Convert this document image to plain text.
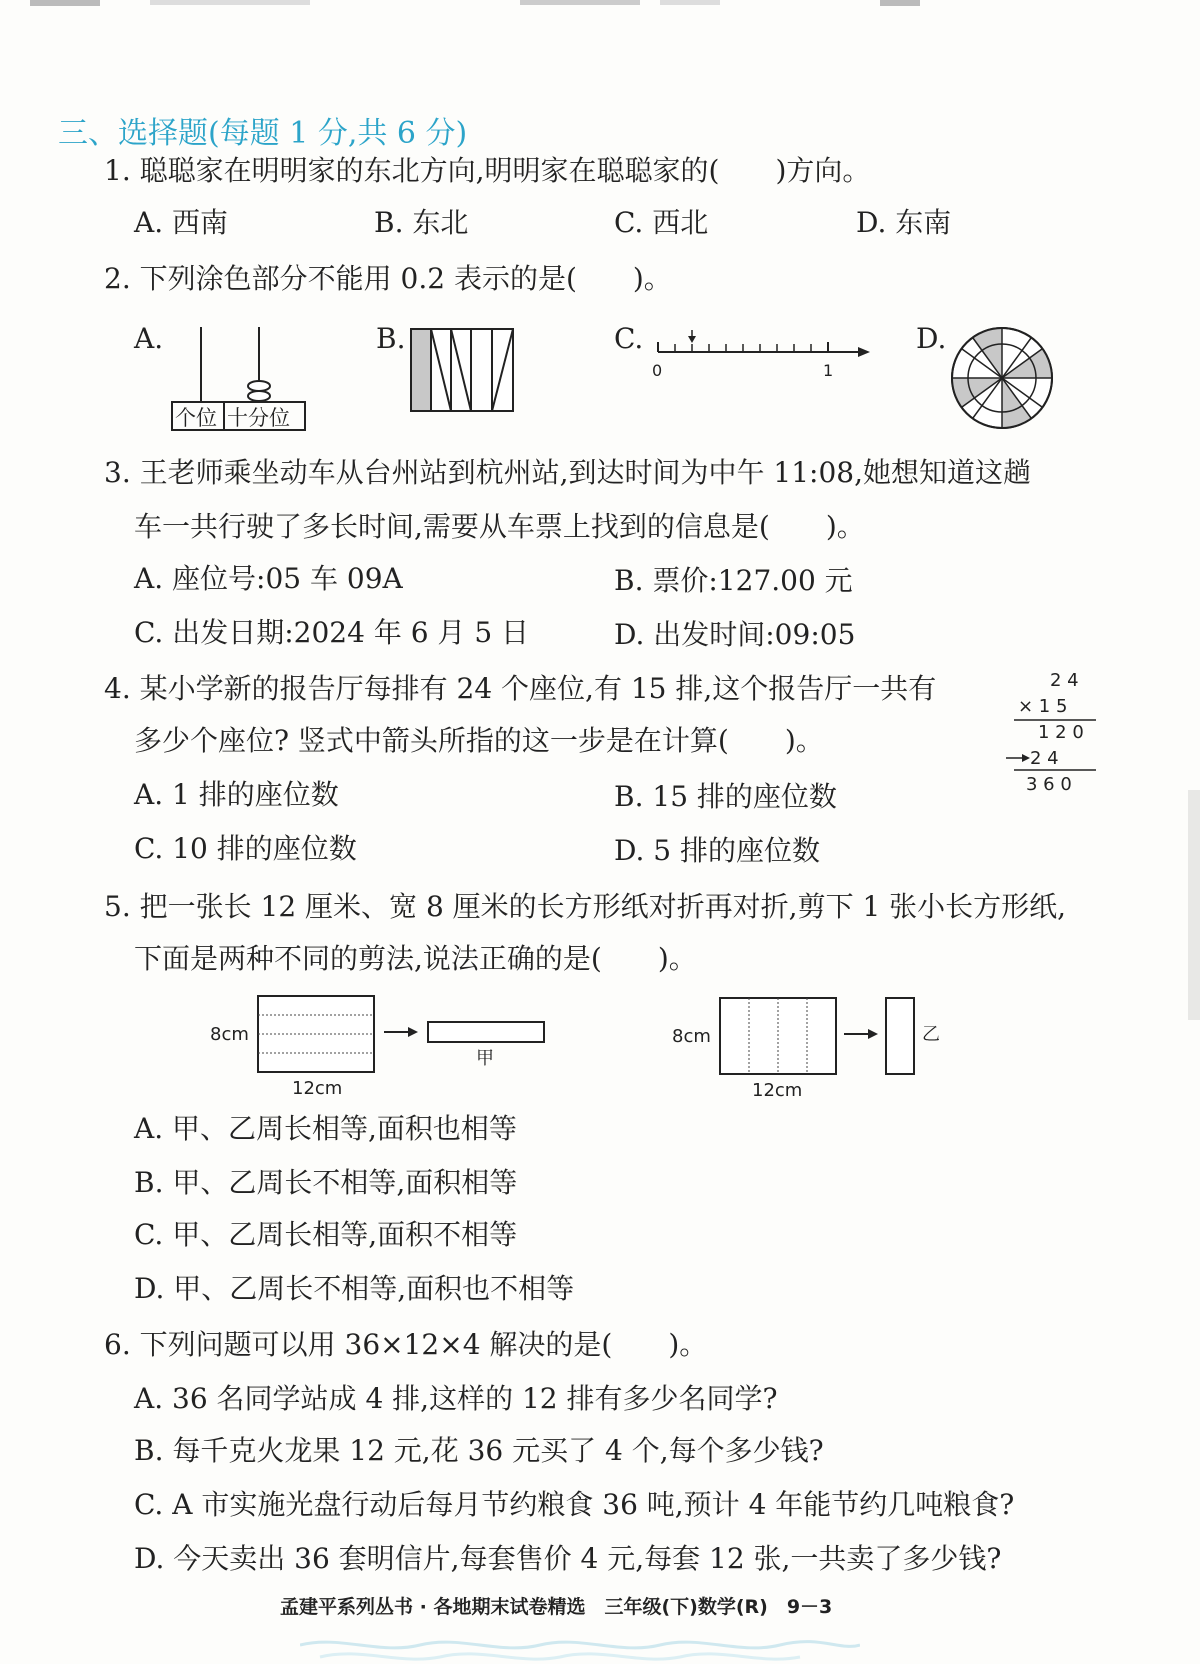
三、选择题(每题 1 分,共 6 分)
1. 聪聪家在明明家的东北方向,明明家在聪聪家的(　　)方向。
A. 西南	B. 东北	C. 西北	D. 东南
2. 下列涂色部分不能用 0.2 表示的是(　　)。
A.	B.	C.	D.
个位 十分位
0	1
3. 王老师乘坐动车从台州站到杭州站,到达时间为中午 11:08,她想知道这趟
车一共行驶了多长时间,需要从车票上找到的信息是(　　)。
A. 座位号:05 车 09A	B. 票价:127.00 元
C. 出发日期:2024 年 6 月 5 日	D. 出发时间:09:05
4. 某小学新的报告厅每排有 24 个座位,有 15 排,这个报告厅一共有
多少个座位? 竖式中箭头所指的这一步是在计算(　　)。
A. 1 排的座位数	B. 15 排的座位数
C. 10 排的座位数	D. 5 排的座位数
2 4
× 1 5
1 2 0
2 4
3 6 0
5. 把一张长 12 厘米、宽 8 厘米的长方形纸对折再对折,剪下 1 张小长方形纸,
下面是两种不同的剪法,说法正确的是(　　)。
8cm
12cm
甲
8cm
12cm
乙
A. 甲、乙周长相等,面积也相等
B. 甲、乙周长不相等,面积相等
C. 甲、乙周长相等,面积不相等
D. 甲、乙周长不相等,面积也不相等
6. 下列问题可以用 36×12×4 解决的是(　　)。
A. 36 名同学站成 4 排,这样的 12 排有多少名同学?
B. 每千克火龙果 12 元,花 36 元买了 4 个,每个多少钱?
C. A 市实施光盘行动后每月节约粮食 36 吨,预计 4 年能节约几吨粮食?
D. 今天卖出 36 套明信片,每套售价 4 元,每套 12 张,一共卖了多少钱?
孟建平系列丛书 · 各地期末试卷精选　三年级(下)数学(R)　9－3
